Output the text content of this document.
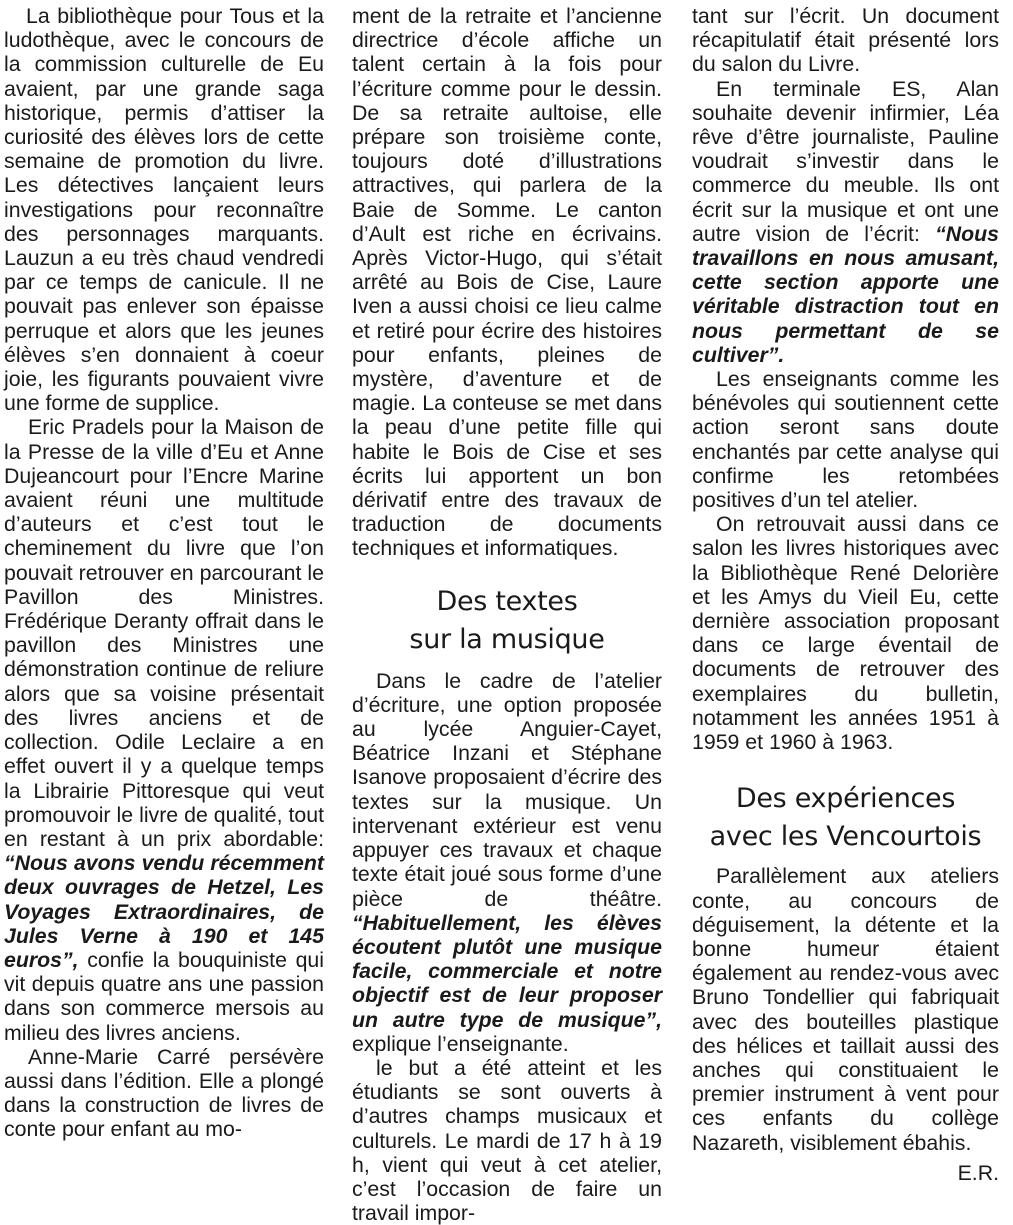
La bibliothèque pour Tous et la ludothèque, avec le concours de la commission culturelle de Eu avaient, par une grande saga historique, permis d’attiser la curiosité des élèves lors de cette semaine de promotion du livre. Les détectives lançaient leurs investigations pour reconnaître des personnages marquants. Lauzun a eu très chaud vendredi par ce temps de canicule. Il ne pouvait pas enlever son épaisse perruque et alors que les jeunes élèves s’en donnaient à coeur joie, les figurants pouvaient vivre une forme de supplice.

Eric Pradels pour la Maison de la Presse de la ville d’Eu et Anne Dujeancourt pour l’Encre Marine avaient réuni une multitude d’auteurs et c’est tout le cheminement du livre que l’on pouvait retrouver en parcourant le Pavillon des Ministres. Frédérique Deranty offrait dans le pavillon des Ministres une démonstration continue de reliure alors que sa voisine présentait des livres anciens et de collection. Odile Leclaire a en effet ouvert il y a quelque temps la Librairie Pittoresque qui veut promouvoir le livre de qualité, tout en restant à un prix abordable: “Nous avons vendu récemment deux ouvrages de Hetzel, Les Voyages Extraordinaires, de Jules Verne à 190 et 145 euros”, confie la bouquiniste qui vit depuis quatre ans une passion dans son commerce mersois au milieu des livres anciens.

Anne-Marie Carré persévère aussi dans l’édition. Elle a plongé dans la construction de livres de conte pour enfant au mo-

ment de la retraite et l’ancienne directrice d’école affiche un talent certain à la fois pour l’écriture comme pour le dessin. De sa retraite aultoise, elle prépare son troisième conte, toujours doté d’illustrations attractives, qui parlera de la Baie de Somme. Le canton d’Ault est riche en écrivains. Après Victor-Hugo, qui s’était arrêté au Bois de Cise, Laure Iven a aussi choisi ce lieu calme et retiré pour écrire des histoires pour enfants, pleines de mystère, d’aventure et de magie. La conteuse se met dans la peau d’une petite fille qui habite le Bois de Cise et ses écrits lui apportent un bon dérivatif entre des travaux de traduction de documents techniques et informatiques.

Des textes
sur la musique

Dans le cadre de l’atelier d’écriture, une option proposée au lycée Anguier-Cayet, Béatrice Inzani et Stéphane Isanove proposaient d’écrire des textes sur la musique. Un intervenant extérieur est venu appuyer ces travaux et chaque texte était joué sous forme d’une pièce de théâtre. “Habituellement, les élèves écoutent plutôt une musique facile, commerciale et notre objectif est de leur proposer un autre type de musique”, explique l’enseignante.

le but a été atteint et les étudiants se sont ouverts à d’autres champs musicaux et culturels. Le mardi de 17 h à 19 h, vient qui veut à cet atelier, c’est l’occasion de faire un travail impor-

tant sur l’écrit. Un document récapitulatif était présenté lors du salon du Livre.

En terminale ES, Alan souhaite devenir infirmier, Léa rêve d’être journaliste, Pauline voudrait s’investir dans le commerce du meuble. Ils ont écrit sur la musique et ont une autre vision de l’écrit: “Nous travaillons en nous amusant, cette section apporte une véritable distraction tout en nous permettant de se cultiver”.

Les enseignants comme les bénévoles qui soutiennent cette action seront sans doute enchantés par cette analyse qui confirme les retombées positives d’un tel atelier.

On retrouvait aussi dans ce salon les livres historiques avec la Bibliothèque René Delorière et les Amys du Vieil Eu, cette dernière association proposant dans ce large éventail de documents de retrouver des exemplaires du bulletin, notamment les années 1951 à 1959 et 1960 à 1963.

Des expériences
avec les Vencourtois

Parallèlement aux ateliers conte, au concours de déguisement, la détente et la bonne humeur étaient également au rendez-vous avec Bruno Tondellier qui fabriquait avec des bouteilles plastique des hélices et taillait aussi des anches qui constituaient le premier instrument à vent pour ces enfants du collège Nazareth, visiblement ébahis.

E.R.
